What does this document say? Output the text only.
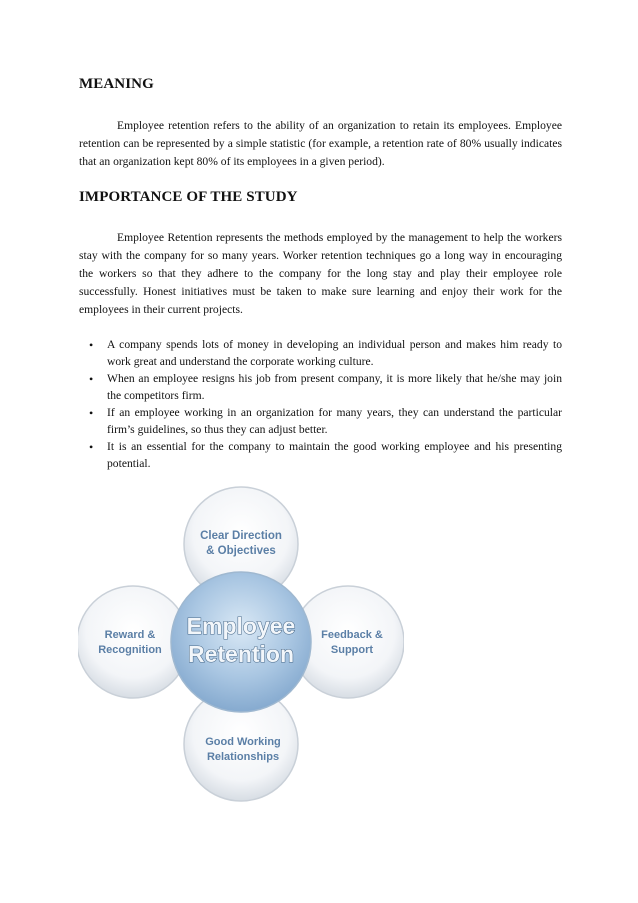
MEANING

Employee retention refers to the ability of an organization to retain its employees. Employee retention can be represented by a simple statistic (for example, a retention rate of 80% usually indicates that an organization kept 80% of its employees in a given period).

IMPORTANCE OF THE STUDY

Employee Retention represents the methods employed by the management to help the workers stay with the company for so many years. Worker retention techniques go a long way in encouraging the workers so that they adhere to the company for the long stay and play their employee role successfully. Honest initiatives must be taken to make sure learning and enjoy their work for the employees in their current projects.

• A company spends lots of money in developing an individual person and makes him ready to work great and understand the corporate working culture.
• When an employee resigns his job from present company, it is more likely that he/she may join the competitors firm.
• If an employee working in an organization for many years, they can understand the particular firm’s guidelines, so thus they can adjust better.
• It is an essential for the company to maintain the good working employee and his presenting potential.
Clear Direction
& Objectives
Reward &
Recognition
Feedback &
Support
Good Working
Relationships
Employee
Retention
